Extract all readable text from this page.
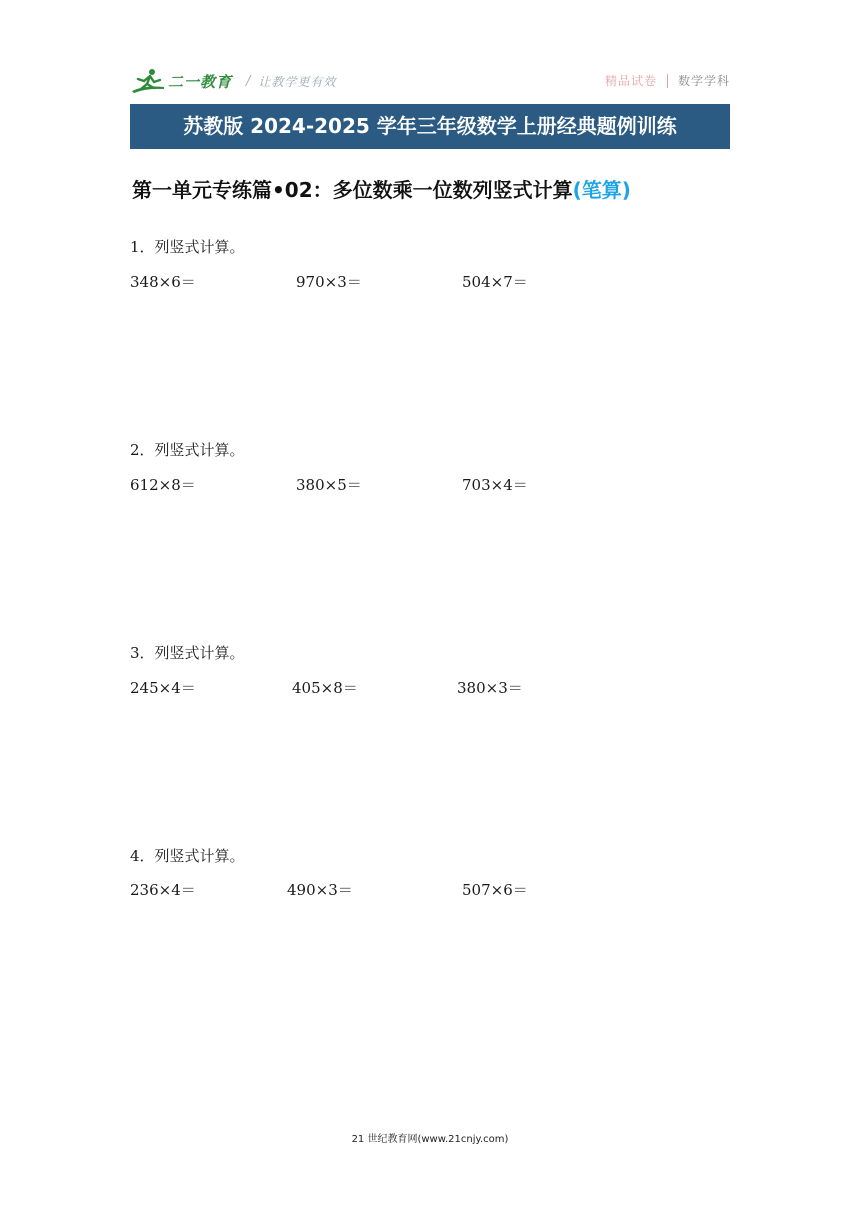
二一教育 / 让教学更有效	精品试卷 数学学科
苏教版 2024-2025 学年三年级数学上册经典题例训练
第一单元专练篇•02：多位数乘一位数列竖式计算(笔算)
1．列竖式计算。
348×6＝	970×3＝	504×7＝
2．列竖式计算。
612×8＝	380×5＝	703×4＝
3．列竖式计算。
245×4＝	405×8＝	380×3＝
4．列竖式计算。
236×4＝	490×3＝	507×6＝
21 世纪教育网(www.21cnjy.com)
